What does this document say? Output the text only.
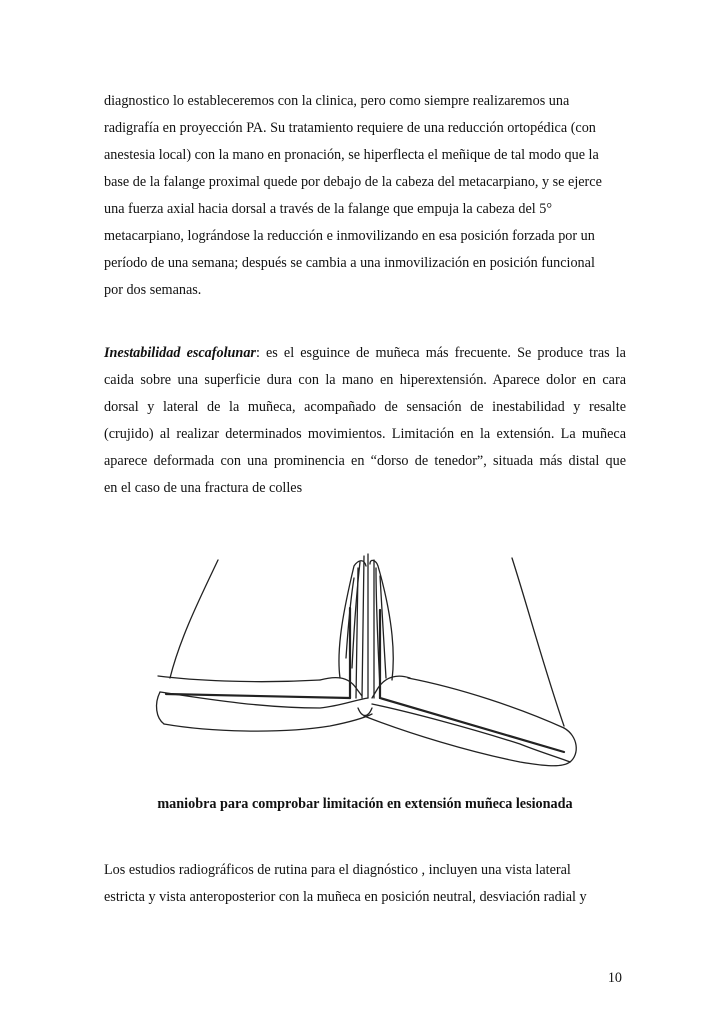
diagnostico lo estableceremos con la clinica, pero como siempre realizaremos una
radigrafía en proyección PA. Su tratamiento requiere de una reducción ortopédica (con
anestesia local) con la mano en pronación, se hiperflecta el meñique de tal modo que la
base de la falange proximal quede por debajo de la cabeza del metacarpiano, y se ejerce
una fuerza axial hacia dorsal a través de la falange que empuja la cabeza del 5°
metacarpiano, lográndose la reducción e inmovilizando en esa posición forzada por un
período de una semana; después se cambia a una inmovilización en posición funcional
por dos semanas.
Inestabilidad escafolunar: es el esguince de muñeca más frecuente. Se produce tras la
caida sobre una superficie dura con la mano en hiperextensión. Aparece dolor en cara
dorsal y lateral de la muñeca, acompañado de sensación de inestabilidad y resalte
(crujido) al realizar determinados movimientos. Limitación en la extensión. La muñeca
aparece deformada con una prominencia en “dorso de tenedor”, situada más distal que
en el caso de una fractura de colles
maniobra para comprobar limitación en extensión muñeca lesionada
Los estudios radiográficos de rutina para el diagnóstico , incluyen una vista lateral
estricta y vista anteroposterior con la muñeca en posición neutral, desviación radial y
10
